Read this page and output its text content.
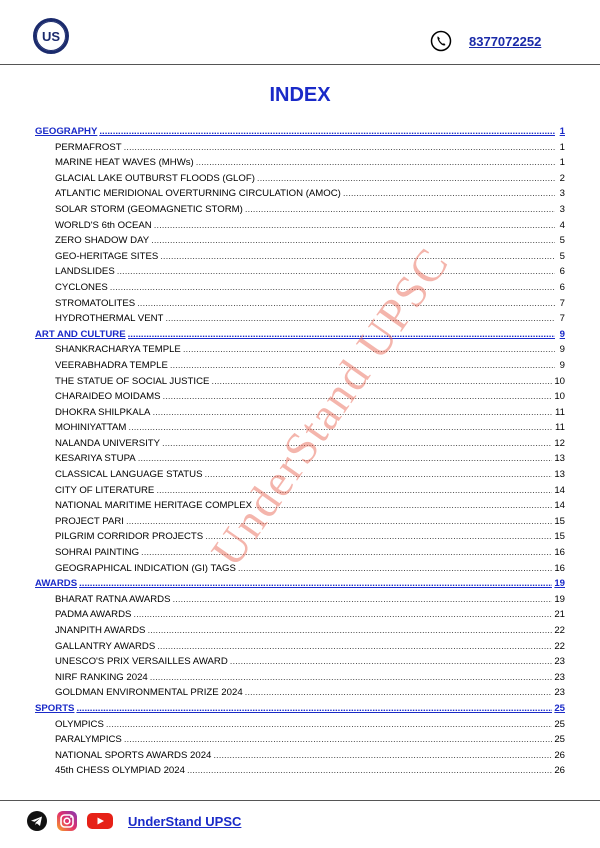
US	8377072252
INDEX
GEOGRAPHY .....	1
PERMAFROST .....	1
MARINE HEAT WAVES (MHWs) .....	1
GLACIAL LAKE OUTBURST FLOODS (GLOF) .....	2
ATLANTIC MERIDIONAL OVERTURNING CIRCULATION (AMOC) .....	3
SOLAR STORM (GEOMAGNETIC STORM) .....	3
WORLD'S 6th OCEAN .....	4
ZERO SHADOW DAY .....	5
GEO-HERITAGE SITES .....	5
LANDSLIDES .....	6
CYCLONES .....	6
STROMATOLITES .....	7
HYDROTHERMAL VENT .....	7
ART AND CULTURE .....	9
SHANKRACHARYA TEMPLE .....	9
VEERABHADRA TEMPLE .....	9
THE STATUE OF SOCIAL JUSTICE .....	10
CHARAIDEO MOIDAMS .....	10
DHOKRA SHILPKALA .....	11
MOHINIYATTAM .....	11
NALANDA UNIVERSITY .....	12
KESARIYA STUPA .....	13
CLASSICAL LANGUAGE STATUS .....	13
CITY OF LITERATURE .....	14
NATIONAL MARITIME HERITAGE COMPLEX .....	14
PROJECT PARI .....	15
PILGRIM CORRIDOR PROJECTS .....	15
SOHRAI PAINTING .....	16
GEOGRAPHICAL INDICATION (GI) TAGS .....	16
AWARDS .....	19
BHARAT RATNA AWARDS .....	19
PADMA AWARDS .....	21
JNANPITH AWARDS .....	22
GALLANTRY AWARDS .....	22
UNESCO'S PRIX VERSAILLES AWARD .....	23
NIRF RANKING 2024 .....	23
GOLDMAN ENVIRONMENTAL PRIZE 2024 .....	23
SPORTS .....	25
OLYMPICS .....	25
PARALYMPICS .....	25
NATIONAL SPORTS AWARDS 2024 .....	26
45th CHESS OLYMPIAD 2024 .....	26
UnderStand UPSC
UnderStand UPSC
